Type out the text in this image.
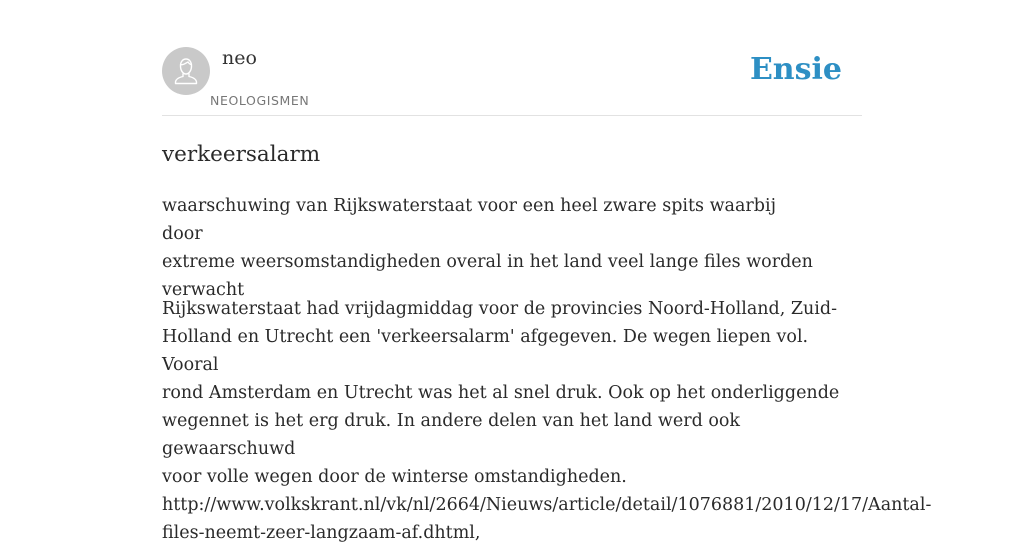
neo
NEOLOGISMEN
Ensie
verkeersalarm

waarschuwing van Rijkswaterstaat voor een heel zware spits waarbij door
extreme weersomstandigheden overal in het land veel lange files worden
verwacht

Rijkswaterstaat had vrijdagmiddag voor de provincies Noord-Holland, Zuid-
Holland en Utrecht een 'verkeersalarm' afgegeven. De wegen liepen vol. Vooral
rond Amsterdam en Utrecht was het al snel druk. Ook op het onderliggende
wegennet is het erg druk. In andere delen van het land werd ook gewaarschuwd
voor volle wegen door de winterse omstandigheden.
http://www.volkskrant.nl/vk/nl/2664/Nieuws/article/detail/1076881/2010/12/17/Aantal-
files-neemt-zeer-langzaam-af.dhtml,
